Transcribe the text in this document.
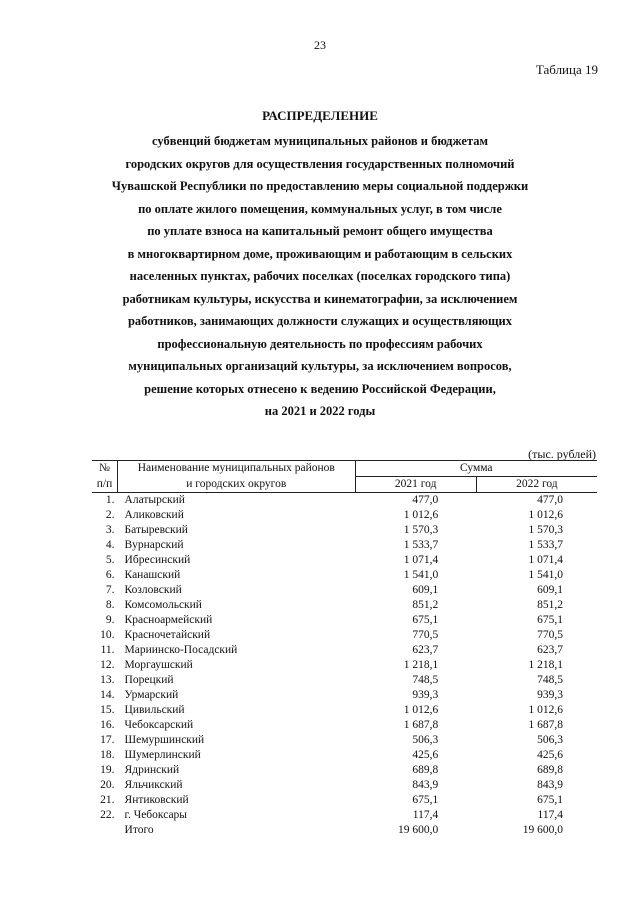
23
Таблица 19
РАСПРЕДЕЛЕНИЕ
субвенций бюджетам муниципальных районов и бюджетам
городских округов для осуществления государственных полномочий
Чувашской Республики по предоставлению меры социальной поддержки
по оплате жилого помещения, коммунальных услуг, в том числе
по уплате взноса на капитальный ремонт общего имущества
в многоквартирном доме, проживающим и работающим в сельских
населенных пунктах, рабочих поселках (поселках городского типа)
работникам культуры, искусства и кинематографии, за исключением
работников, занимающих должности служащих и осуществляющих
профессиональную деятельность по профессиям рабочих
муниципальных организаций культуры, за исключением вопросов,
решение которых отнесено к ведению Российской Федерации,
на 2021 и 2022 годы
(тыс. рублей)
№	Наименование муниципальных районов	Сумма	
п/п	и городских округов	2021 год	2022 год
1.	Алатырский	477,0	477,0
2.	Аликовский	1 012,6	1 012,6
3.	Батыревский	1 570,3	1 570,3
4.	Вурнарский	1 533,7	1 533,7
5.	Ибресинский	1 071,4	1 071,4
6.	Канашский	1 541,0	1 541,0
7.	Козловский	609,1	609,1
8.	Комсомольский	851,2	851,2
9.	Красноармейский	675,1	675,1
10.	Красночетайский	770,5	770,5
11.	Мариинско-Посадский	623,7	623,7
12.	Моргаушский	1 218,1	1 218,1
13.	Порецкий	748,5	748,5
14.	Урмарский	939,3	939,3
15.	Цивильский	1 012,6	1 012,6
16.	Чебоксарский	1 687,8	1 687,8
17.	Шемуршинский	506,3	506,3
18.	Шумерлинский	425,6	425,6
19.	Ядринский	689,8	689,8
20.	Яльчикский	843,9	843,9
21.	Янтиковский	675,1	675,1
22.	г. Чебоксары	117,4	117,4
	Итого	19 600,0	19 600,0
